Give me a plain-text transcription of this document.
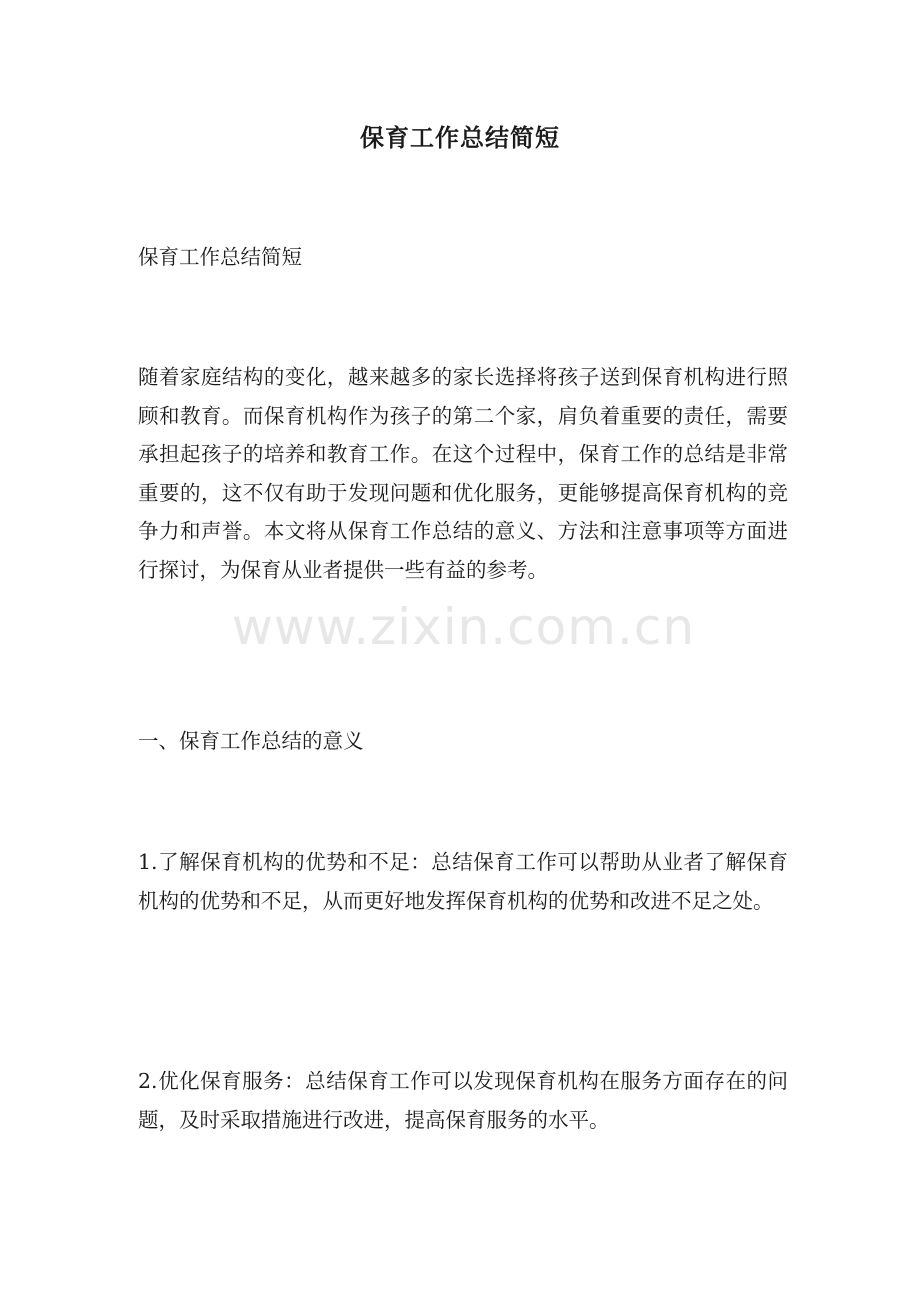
保育工作总结简短
保育工作总结简短
随着家庭结构的变化，越来越多的家长选择将孩子送到保育机构进行照顾和教育。而保育机构作为孩子的第二个家，肩负着重要的责任，需要承担起孩子的培养和教育工作。在这个过程中，保育工作的总结是非常重要的，这不仅有助于发现问题和优化服务，更能够提高保育机构的竞争力和声誉。本文将从保育工作总结的意义、方法和注意事项等方面进行探讨，为保育从业者提供一些有益的参考。
一、保育工作总结的意义
1.了解保育机构的优势和不足：总结保育工作可以帮助从业者了解保育机构的优势和不足，从而更好地发挥保育机构的优势和改进不足之处。
2.优化保育服务：总结保育工作可以发现保育机构在服务方面存在的问题，及时采取措施进行改进，提高保育服务的水平。
www.zixin.com.cn
